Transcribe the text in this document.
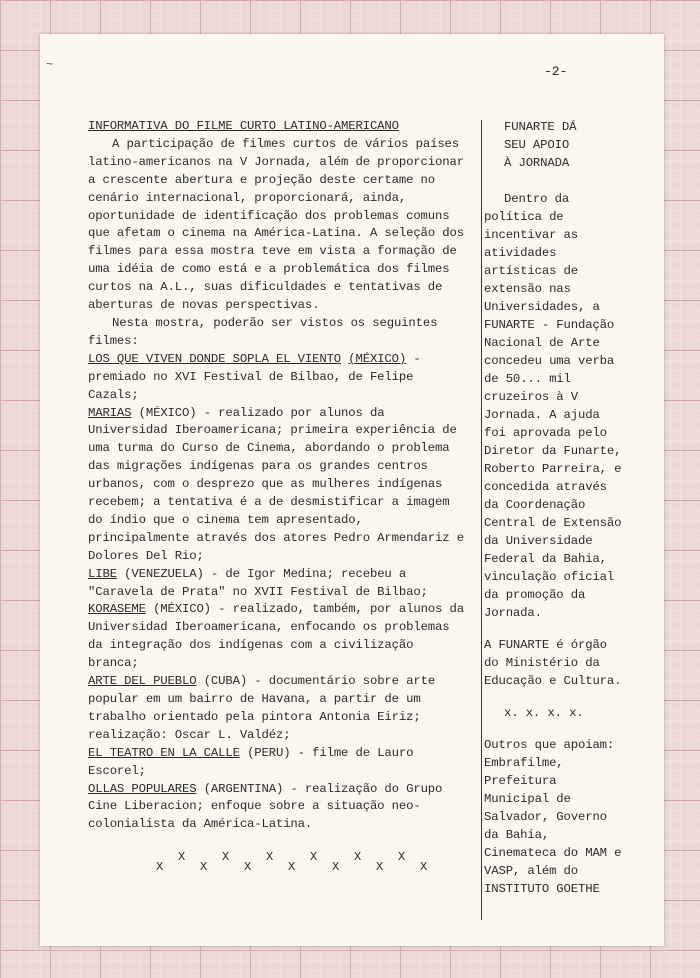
~	-2-

INFORMATIVA DO FILME CURTO LATINO-AMERICANO

A participação de filmes curtos de vários países latino-americanos na V Jornada, além de proporcionar a crescente abertura e projeção deste certame no cenário internacional, proporcionará, ainda, oportunidade de identificação dos problemas comuns que afetam o cinema na América-Latina. A seleção dos filmes para essa mostra teve em vista a formação de uma idéia de como está e a problemática dos filmes curtos na A.L., suas dificuldades e tentativas de aberturas de novas perspectivas.

Nesta mostra, poderão ser vistos os seguintes filmes:

LOS QUE VIVEN DONDE SOPLA EL VIENTO (MÉXICO) - premiado no XVI Festival de Bilbao, de Felipe Cazals;

MARIAS (MÉXICO) - realizado por alunos da Universidad Iberoamericana; primeira experiência de uma turma do Curso de Cinema, abordando o problema das migrações indígenas para os grandes centros urbanos, com o desprezo que as mulheres indígenas recebem; a tentativa é a de desmistificar a imagem do índio que o cinema tem apresentado, principalmente através dos atores Pedro Armendariz e Dolores Del Rio;

LIBE (VENEZUELA) - de Igor Medina; recebeu a "Caravela de Prata" no XVII Festival de Bilbao;

KORASEME (MÉXICO) - realizado, também, por alunos da Universidad Iberoamericana, enfocando os problemas da integração dos indígenas com a civilização branca;

ARTE DEL PUEBLO (CUBA) - documentário sobre arte popular em um bairro de Havana, a partir de um trabalho orientado pela pintora Antonia Eiriz; realização: Oscar L. Valdéz;

EL TEATRO EN LA CALLE (PERU) - filme de Lauro Escorel;

OLLAS POPULARES (ARGENTINA) - realização do Grupo Cine Liberacion; enfoque sobre a situação neo-colonialista da América-Latina.

X
X
X
X
X
X
X
X
X
X
X
X
X
FUNARTE DÁ
SEU APOIO
À JORNADA

Dentro da política de incentivar as atividades artísticas de extensão nas Universidades, a FUNARTE - Fundação Nacional de Arte concedeu uma verba de 50... mil cruzeiros à V Jornada. A ajuda foi aprovada pelo Diretor da Funarte, Roberto Parreira, e concedida através da Coordenação Central de Extensão da Universidade Federal da Bahia, vinculação oficial da promoção da Jornada.

A FUNARTE é órgão do Ministério da Educação e Cultura.

x. x. x. x.

Outros que apoiam: Embrafilme, Prefeitura Municipal de Salvador, Governo da Bahia, Cinemateca do MAM e VASP, além do INSTITUTO GOETHE
